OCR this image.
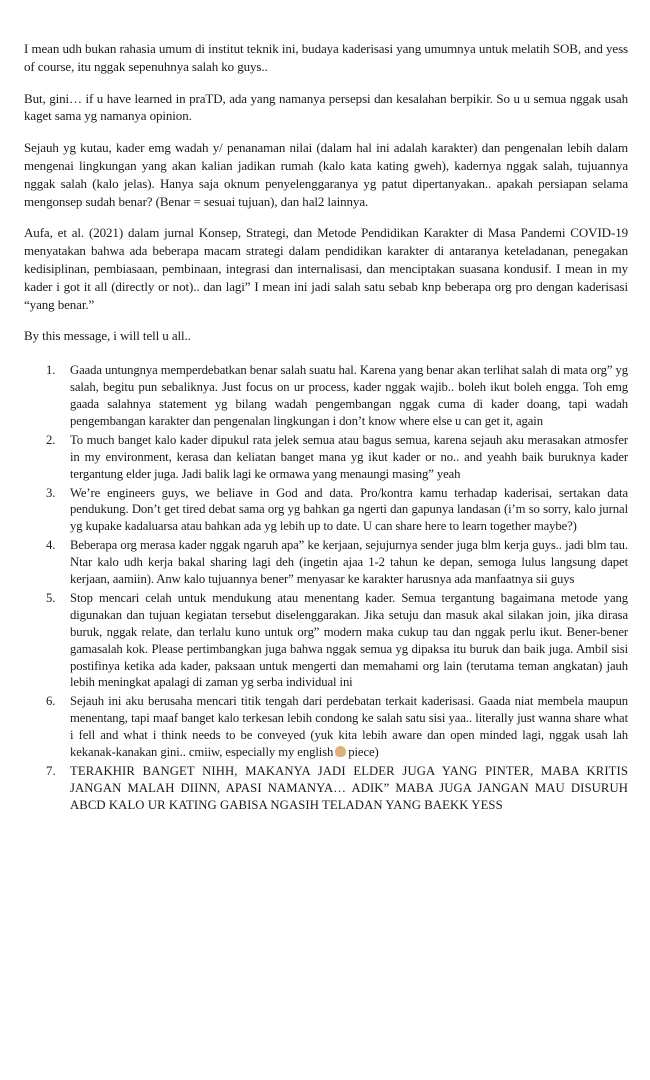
I mean udh bukan rahasia umum di institut teknik ini, budaya kaderisasi yang umumnya untuk melatih SOB, and yess of course, itu nggak sepenuhnya salah ko guys..

But, gini… if u have learned in praTD, ada yang namanya persepsi dan kesalahan berpikir. So u u semua nggak usah kaget sama yg namanya opinion.

Sejauh yg kutau, kader emg wadah y/ penanaman nilai (dalam hal ini adalah karakter) dan pengenalan lebih dalam mengenai lingkungan yang akan kalian jadikan rumah (kalo kata kating gweh), kadernya nggak salah, tujuannya nggak salah (kalo jelas). Hanya saja oknum penyelenggaranya yg patut dipertanyakan.. apakah persiapan selama mengonsep sudah benar? (Benar = sesuai tujuan), dan hal2 lainnya.

Aufa, et al. (2021) dalam jurnal Konsep, Strategi, dan Metode Pendidikan Karakter di Masa Pandemi COVID-19 menyatakan bahwa ada beberapa macam strategi dalam pendidikan karakter di antaranya keteladanan, penegakan kedisiplinan, pembiasaan, pembinaan, integrasi dan internalisasi, dan menciptakan suasana kondusif. I mean in my kader i got it all (directly or not).. dan lagi” I mean ini jadi salah satu sebab knp beberapa org pro dengan kaderisasi “yang benar.”

By this message, i will tell u all..

1. Gaada untungnya memperdebatkan benar salah suatu hal. Karena yang benar akan terlihat salah di mata org” yg salah, begitu pun sebaliknya. Just focus on ur process, kader nggak wajib.. boleh ikut boleh engga. Toh emg gaada salahnya statement yg bilang wadah pengembangan nggak cuma di kader doang, tapi wadah pengembangan karakter dan pengenalan lingkungan i don’t know where else u can get it, again
2. To much banget kalo kader dipukul rata jelek semua atau bagus semua, karena sejauh aku merasakan atmosfer in my environment, kerasa dan keliatan banget mana yg ikut kader or no.. and yeahh baik buruknya kader tergantung elder juga. Jadi balik lagi ke ormawa yang menaungi masing” yeah
3. We’re engineers guys, we beliave in God and data. Pro/kontra kamu terhadap kaderisai, sertakan data pendukung. Don’t get tired debat sama org yg bahkan ga ngerti dan gapunya landasan (i’m so sorry, kalo jurnal yg kupake kadaluarsa atau bahkan ada yg lebih up to date. U can share here to learn together maybe?)
4. Beberapa org merasa kader nggak ngaruh apa” ke kerjaan, sejujurnya sender juga blm kerja guys.. jadi blm tau. Ntar kalo udh kerja bakal sharing lagi deh (ingetin ajaa 1-2 tahun ke depan, semoga lulus langsung dapet kerjaan, aamiin). Anw kalo tujuannya bener” menyasar ke karakter harusnya ada manfaatnya sii guys
5. Stop mencari celah untuk mendukung atau menentang kader. Semua tergantung bagaimana metode yang digunakan dan tujuan kegiatan tersebut diselenggarakan. Jika setuju dan masuk akal silakan join, jika dirasa buruk, nggak relate, dan terlalu kuno untuk org” modern maka cukup tau dan nggak perlu ikut. Bener-bener gamasalah kok. Please pertimbangkan juga bahwa nggak semua yg dipaksa itu buruk dan baik juga. Ambil sisi postifinya ketika ada kader, paksaan untuk mengerti dan memahami org lain (terutama teman angkatan) jauh lebih meningkat apalagi di zaman yg serba individual ini
6. Sejauh ini aku berusaha mencari titik tengah dari perdebatan terkait kaderisasi. Gaada niat membela maupun menentang, tapi maaf banget kalo terkesan lebih condong ke salah satu sisi yaa.. literally just wanna share what i fell and what i think needs to be conveyed (yuk kita lebih aware dan open minded lagi, nggak usah lah kekanak-kanakan gini.. cmiiw, especially my english piece)
7. TERAKHIR BANGET NIHH, MAKANYA JADI ELDER JUGA YANG PINTER, MABA KRITIS JANGAN MALAH DIINN, APASI NAMANYA… ADIK” MABA JUGA JANGAN MAU DISURUH ABCD KALO UR KATING GABISA NGASIH TELADAN YANG BAEKK YESS
